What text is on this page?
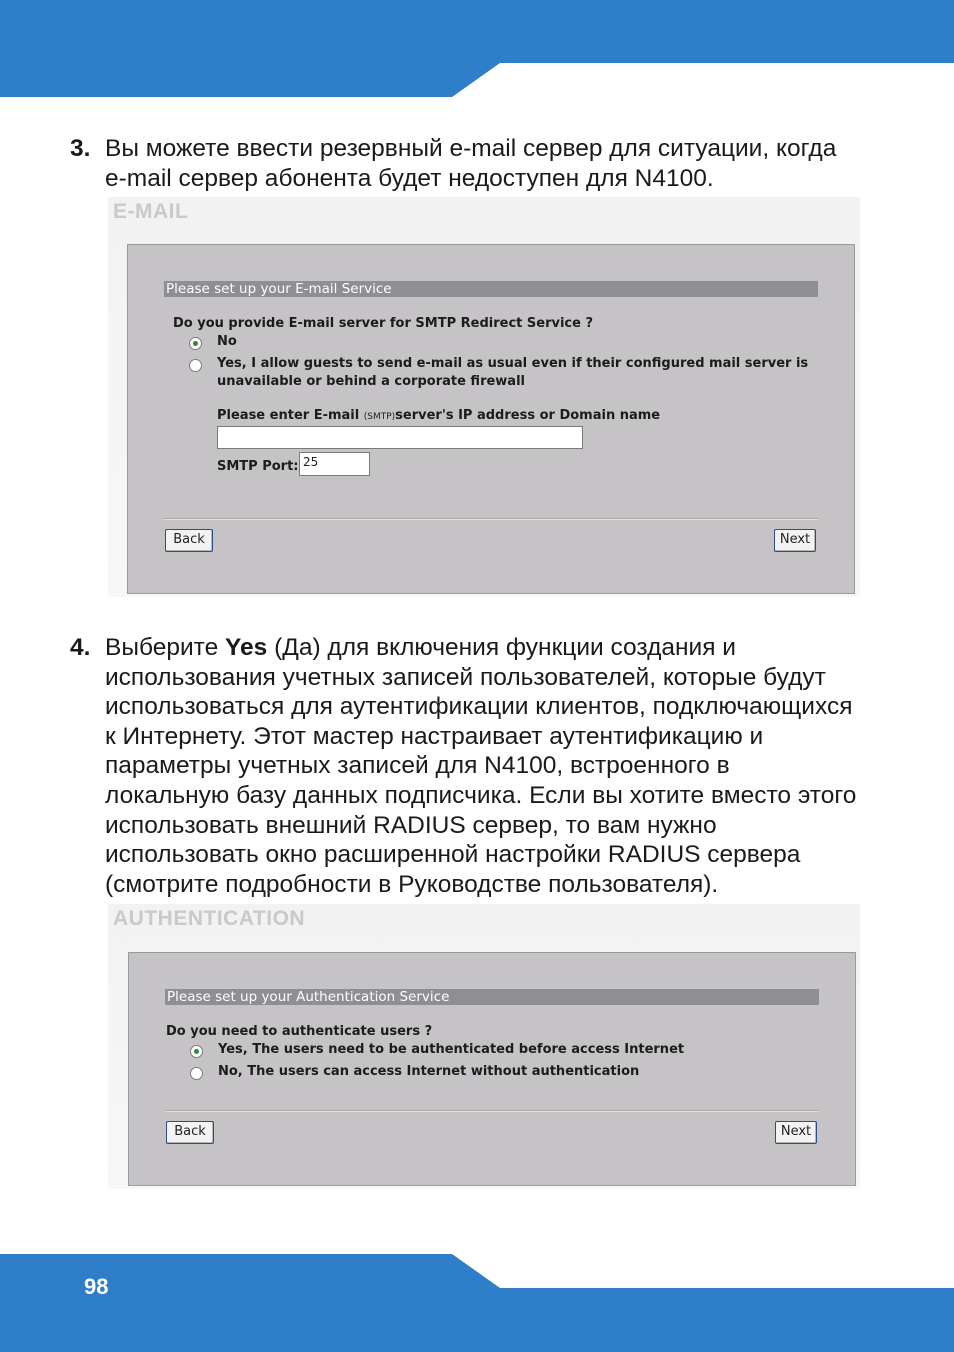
3. Вы можете ввести резервный e-mail сервер для ситуации, когда
e-mail сервер абонента будет недоступен для N4100.
E-MAIL
Please set up your E-mail Service
Do you provide E-mail server for SMTP Redirect Service ?
No
Yes, I allow guests to send e-mail as usual even if their configured mail server is
unavailable or behind a corporate firewall
Please enter E-mail (SMTP)server's IP address or Domain name
SMTP Port: 25
Back	Next
4. Выберите Yes (Да) для включения функции создания и
использования учетных записей пользователей, которые будут
использоваться для аутентификации клиентов, подключающихся
к Интернету. Этот мастер настраивает аутентификацию и
параметры учетных записей для N4100, встроенного в
локальную базу данных подписчика. Если вы хотите вместо этого
использовать внешний RADIUS сервер, то вам нужно
использовать окно расширенной настройки RADIUS сервера
(смотрите подробности в Руководстве пользователя).
AUTHENTICATION
Please set up your Authentication Service
Do you need to authenticate users ?
Yes, The users need to be authenticated before access Internet
No, The users can access Internet without authentication
Back	Next
98
